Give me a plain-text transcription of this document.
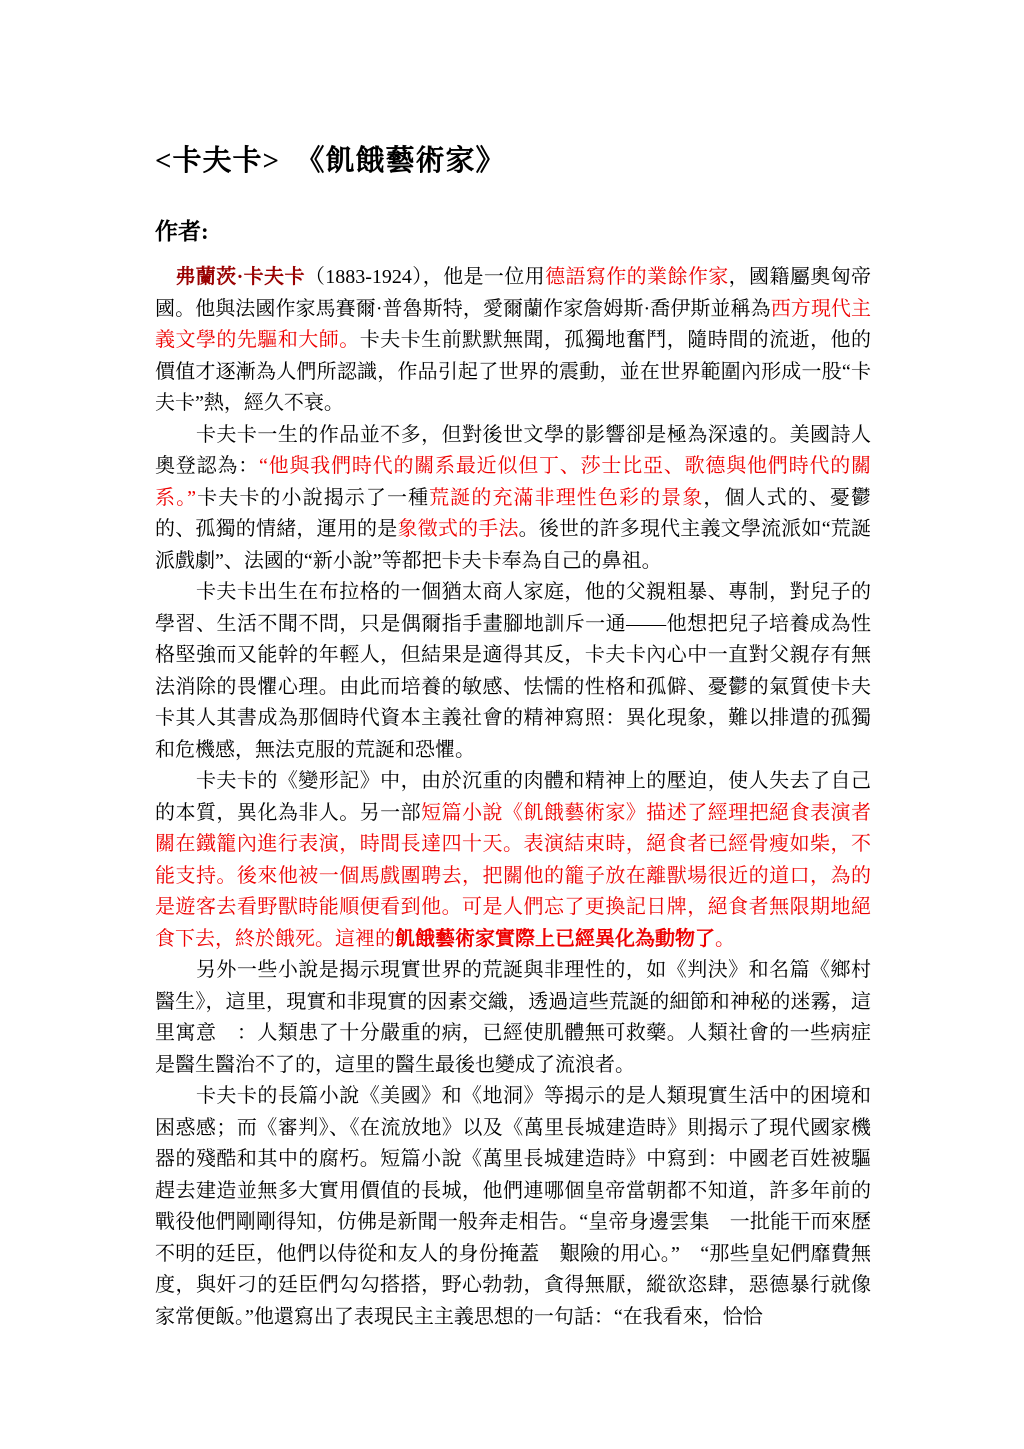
<卡夫卡>　《飢餓藝術家》
作者:

　弗蘭茨·卡夫卡（1883-1924），他是一位用德語寫作的業餘作家，國籍屬奧匈帝國。他與法國作家馬賽爾·普魯斯特，愛爾蘭作家詹姆斯·喬伊斯並稱為西方現代主義文學的先驅和大師。卡夫卡生前默默無聞，孤獨地奮鬥，隨時間的流逝，他的價值才逐漸為人們所認識，作品引起了世界的震動，並在世界範圍內形成一股“卡夫卡”熱，經久不衰。

　　卡夫卡一生的作品並不多，但對後世文學的影響卻是極為深遠的。美國詩人奧登認為：“他與我們時代的關系最近似但丁、莎士比亞、歌德與他們時代的關系。”卡夫卡的小說揭示了一種荒誕的充滿非理性色彩的景象，個人式的、憂鬱的、孤獨的情緒，運用的是象徵式的手法。後世的許多現代主義文學流派如“荒誕派戲劇”、法國的“新小說”等都把卡夫卡奉為自己的鼻祖。

　　卡夫卡出生在布拉格的一個猶太商人家庭，他的父親粗暴、專制，對兒子的學習、生活不聞不問，只是偶爾指手畫腳地訓斥一通——他想把兒子培養成為性格堅強而又能幹的年輕人，但結果是適得其反，卡夫卡內心中一直對父親存有無法消除的畏懼心理。由此而培養的敏感、怯懦的性格和孤僻、憂鬱的氣質使卡夫卡其人其書成為那個時代資本主義社會的精神寫照：異化現象，難以排遣的孤獨和危機感，無法克服的荒誕和恐懼。

　　卡夫卡的《變形記》中，由於沉重的肉體和精神上的壓迫，使人失去了自己的本質，異化為非人。另一部短篇小說《飢餓藝術家》描述了經理把絕食表演者關在鐵籠內進行表演，時間長達四十天。表演結束時，絕食者已經骨瘦如柴，不能支持。後來他被一個馬戲團聘去，把關他的籠子放在離獸場很近的道口，為的是遊客去看野獸時能順便看到他。可是人們忘了更換記日牌，絕食者無限期地絕食下去，終於餓死。這裡的飢餓藝術家實際上已經異化為動物了。

　　另外一些小說是揭示現實世界的荒誕與非理性的，如《判決》和名篇《鄉村醫生》，這里，現實和非現實的因素交織，透過這些荒誕的細節和神秘的迷霧，這里寓意　：人類患了十分嚴重的病，已經使肌體無可救藥。人類社會的一些病症是醫生醫治不了的，這里的醫生最後也變成了流浪者。

　　卡夫卡的長篇小說《美國》和《地洞》等揭示的是人類現實生活中的困境和困惑感；而《審判》、《在流放地》以及《萬里長城建造時》則揭示了現代國家機器的殘酷和其中的腐朽。短篇小說《萬里長城建造時》中寫到：中國老百姓被驅趕去建造並無多大實用價值的長城，他們連哪個皇帝當朝都不知道，許多年前的戰役他們剛剛得知，仿佛是新聞一般奔走相告。“皇帝身邊雲集　一批能干而來歷不明的廷臣，他們以侍從和友人的身份掩蓋　艱險的用心。”　“那些皇妃們靡費無度，與奸刁的廷臣們勾勾搭搭，野心勃勃，貪得無厭，縱欲恣肆，惡德暴行就像家常便飯。”他還寫出了表現民主主義思想的一句話：“在我看來，恰恰
